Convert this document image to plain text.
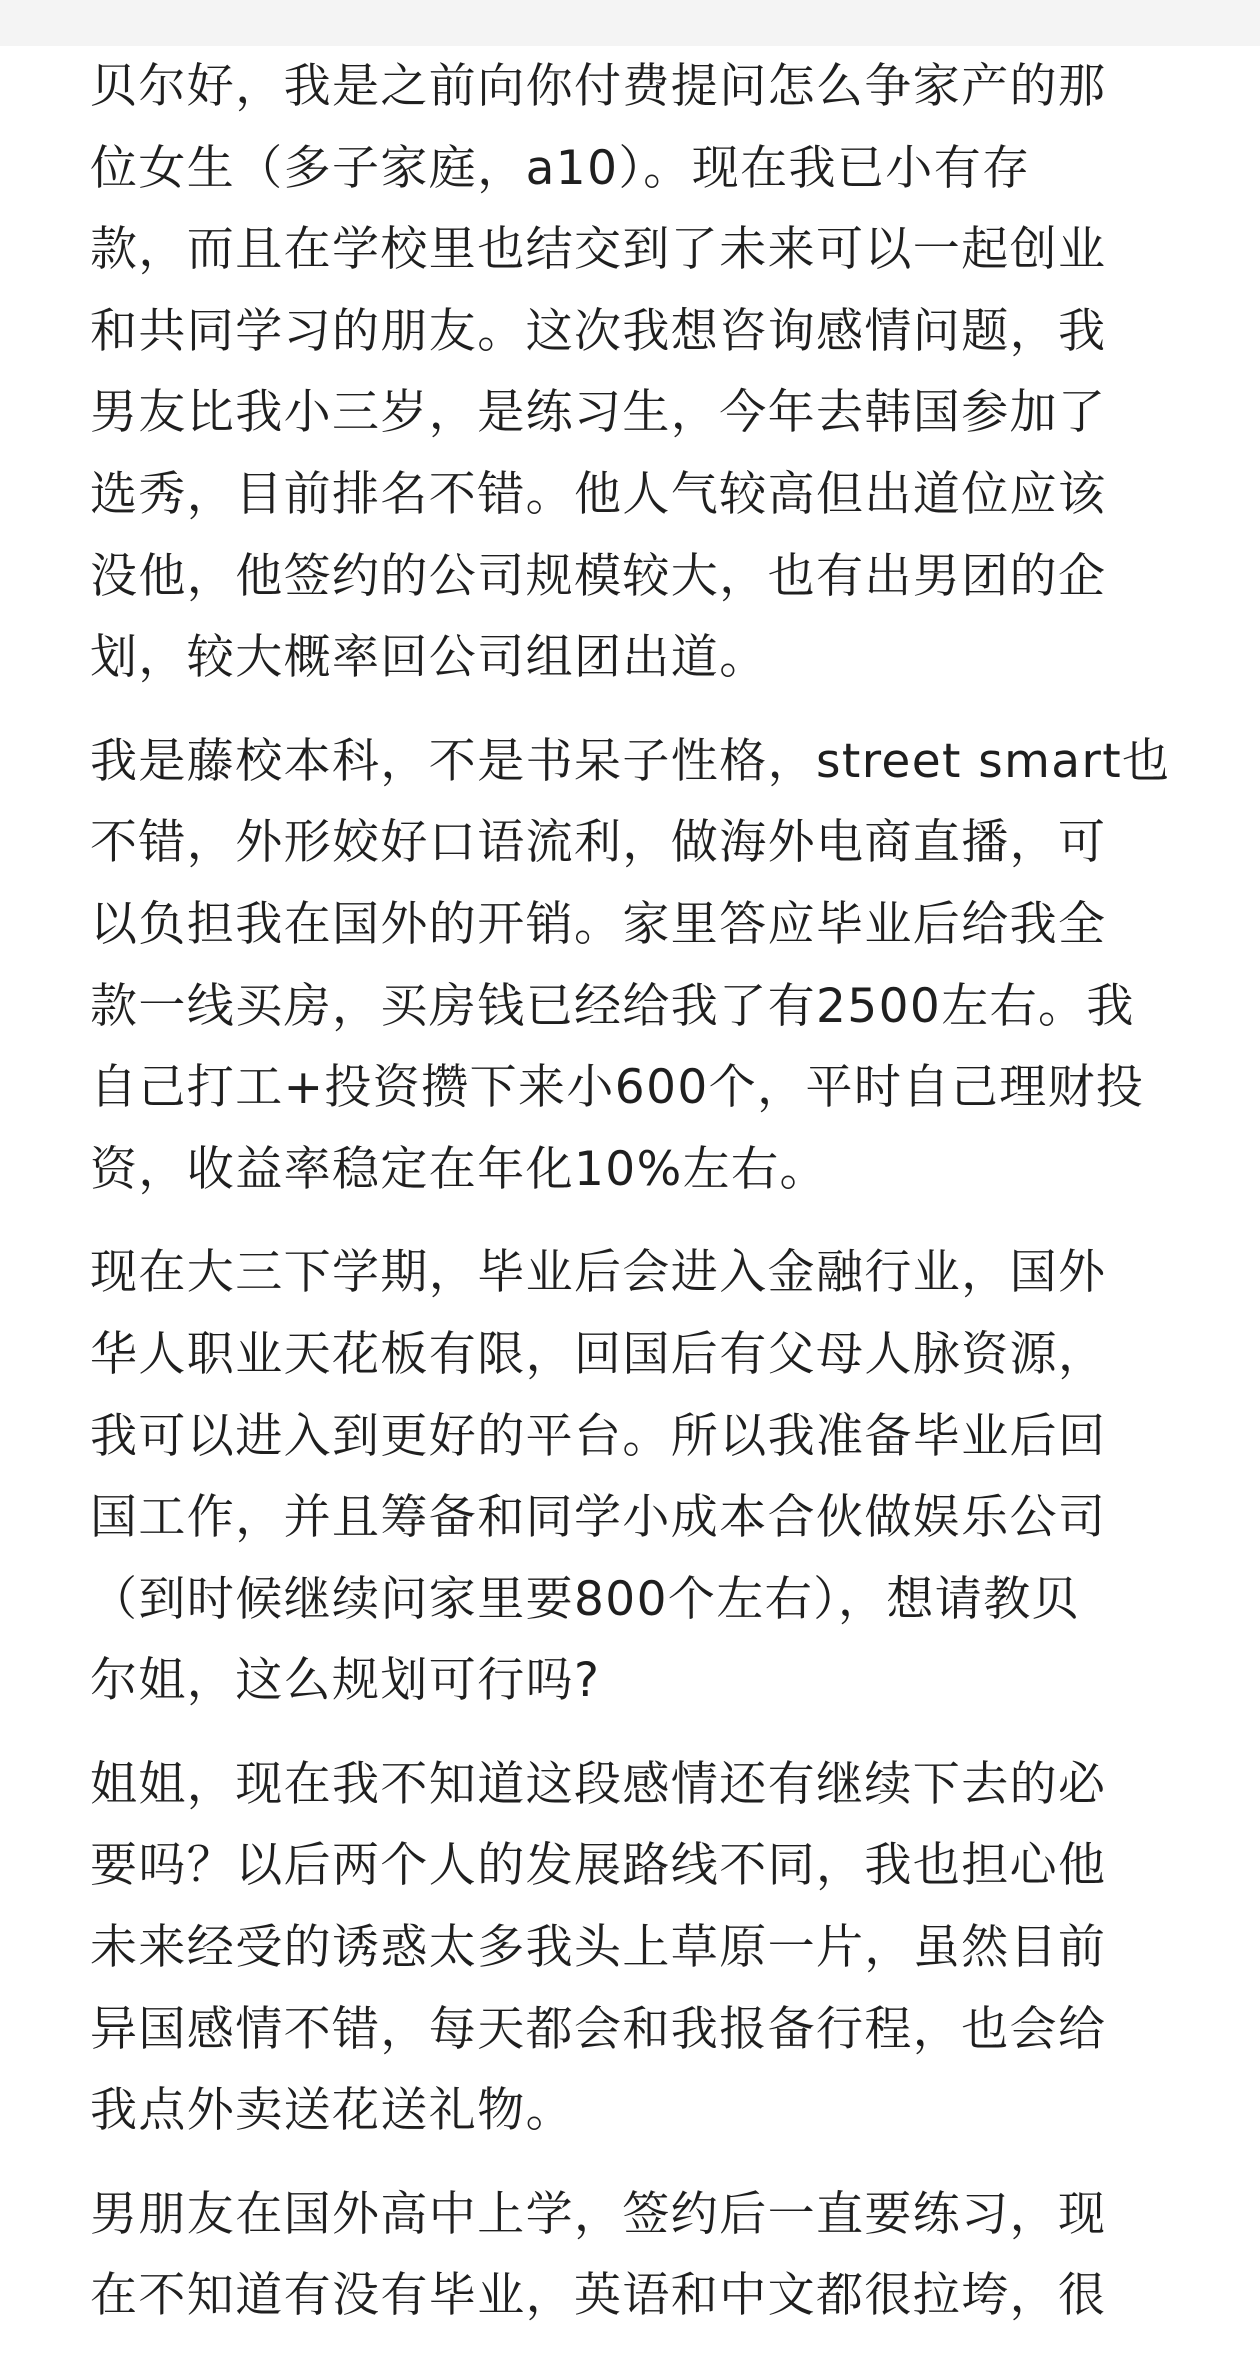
贝尔好，我是之前向你付费提问怎么争家产的那
位女生（多子家庭，a10）。现在我已小有存
款，而且在学校里也结交到了未来可以一起创业
和共同学习的朋友。这次我想咨询感情问题，我
男友比我小三岁，是练习生，今年去韩国参加了
选秀，目前排名不错。他人气较高但出道位应该
没他，他签约的公司规模较大，也有出男团的企
划，较大概率回公司组团出道。
我是藤校本科，不是书呆子性格，street smart也
不错，外形姣好口语流利，做海外电商直播，可
以负担我在国外的开销。家里答应毕业后给我全
款一线买房，买房钱已经给我了有2500左右。我
自己打工+投资攒下来小600个，平时自己理财投
资，收益率稳定在年化10%左右。
现在大三下学期，毕业后会进入金融行业，国外
华人职业天花板有限，回国后有父母人脉资源，
我可以进入到更好的平台。所以我准备毕业后回
国工作，并且筹备和同学小成本合伙做娱乐公司
（到时候继续问家里要800个左右），想请教贝
尔姐，这么规划可行吗?
姐姐，现在我不知道这段感情还有继续下去的必
要吗？以后两个人的发展路线不同，我也担心他
未来经受的诱惑太多我头上草原一片，虽然目前
异国感情不错，每天都会和我报备行程，也会给
我点外卖送花送礼物。
男朋友在国外高中上学，签约后一直要练习，现
在不知道有没有毕业，英语和中文都很拉垮，很
